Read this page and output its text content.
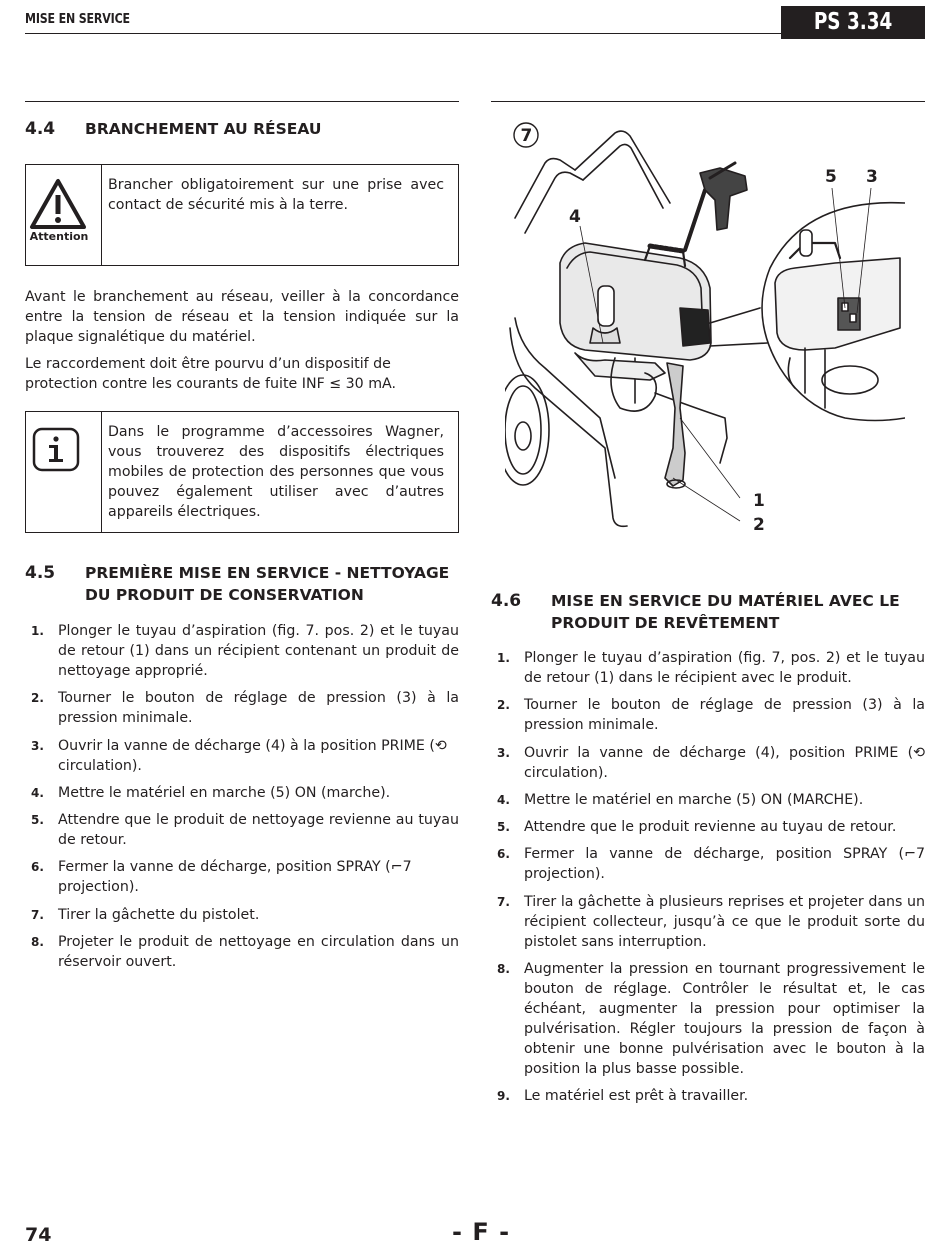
MISE EN SERVICE	PS 3.34
4.4 BRANCHEMENT AU RÉSEAU
Attention
Brancher obligatoirement sur une prise avec contact de sécurité mis à la terre.

Avant le branchement au réseau, veiller à la concordance entre la tension de réseau et la tension indiquée sur la plaque signalétique du matériel.

Le raccordement doit être pourvu d’un dispositif de protection contre les courants de fuite INF ≤ 30 mA.

Dans le programme d’accessoires Wagner, vous trouverez des dispositifs électriques mobiles de protection des personnes que vous pouvez également utiliser avec d’autres appareils électriques.
4.5 PREMIÈRE MISE EN SERVICE - NETTOYAGE
DU PRODUIT DE CONSERVATION
1. Plonger le tuyau d’aspiration (fig. 7. pos. 2) et le tuyau de retour (1) dans un récipient contenant un produit de nettoyage approprié.
2. Tourner le bouton de réglage de pression (3) à la pression minimale.
3. Ouvrir la vanne de décharge (4) à la position PRIME (⟲ circulation).
4. Mettre le matériel en marche (5) ON (marche).
5. Attendre que le produit de nettoyage revienne au tuyau de retour.
6. Fermer la vanne de décharge, position SPRAY (⌐7 projection).
7. Tirer la gâchette du pistolet.
8. Projeter le produit de nettoyage en circulation dans un réservoir ouvert.
7
5 3
4
1
2
4.6 MISE EN SERVICE DU MATÉRIEL AVEC LE
PRODUIT DE REVÊTEMENT
1. Plonger le tuyau d’aspiration (fig. 7, pos. 2) et le tuyau de retour (1) dans le récipient avec le produit.
2. Tourner le bouton de réglage de pression (3) à la pression minimale.
3. Ouvrir la vanne de décharge (4), position PRIME (⟲ circulation).
4. Mettre le matériel en marche (5) ON (MARCHE).
5. Attendre que le produit revienne au tuyau de retour.
6. Fermer la vanne de décharge, position SPRAY (⌐7 projection).
7. Tirer la gâchette à plusieurs reprises et projeter dans un récipient collecteur, jusqu’à ce que le produit sorte du pistolet sans interruption.
8. Augmenter la pression en tournant progressivement le bouton de réglage. Contrôler le résultat et, le cas échéant, augmenter la pression pour optimiser la pulvérisation. Régler toujours la pression de façon à obtenir une bonne pulvérisation avec le bouton à la position la plus basse possible.
9. Le matériel est prêt à travailler.
74	- F -
